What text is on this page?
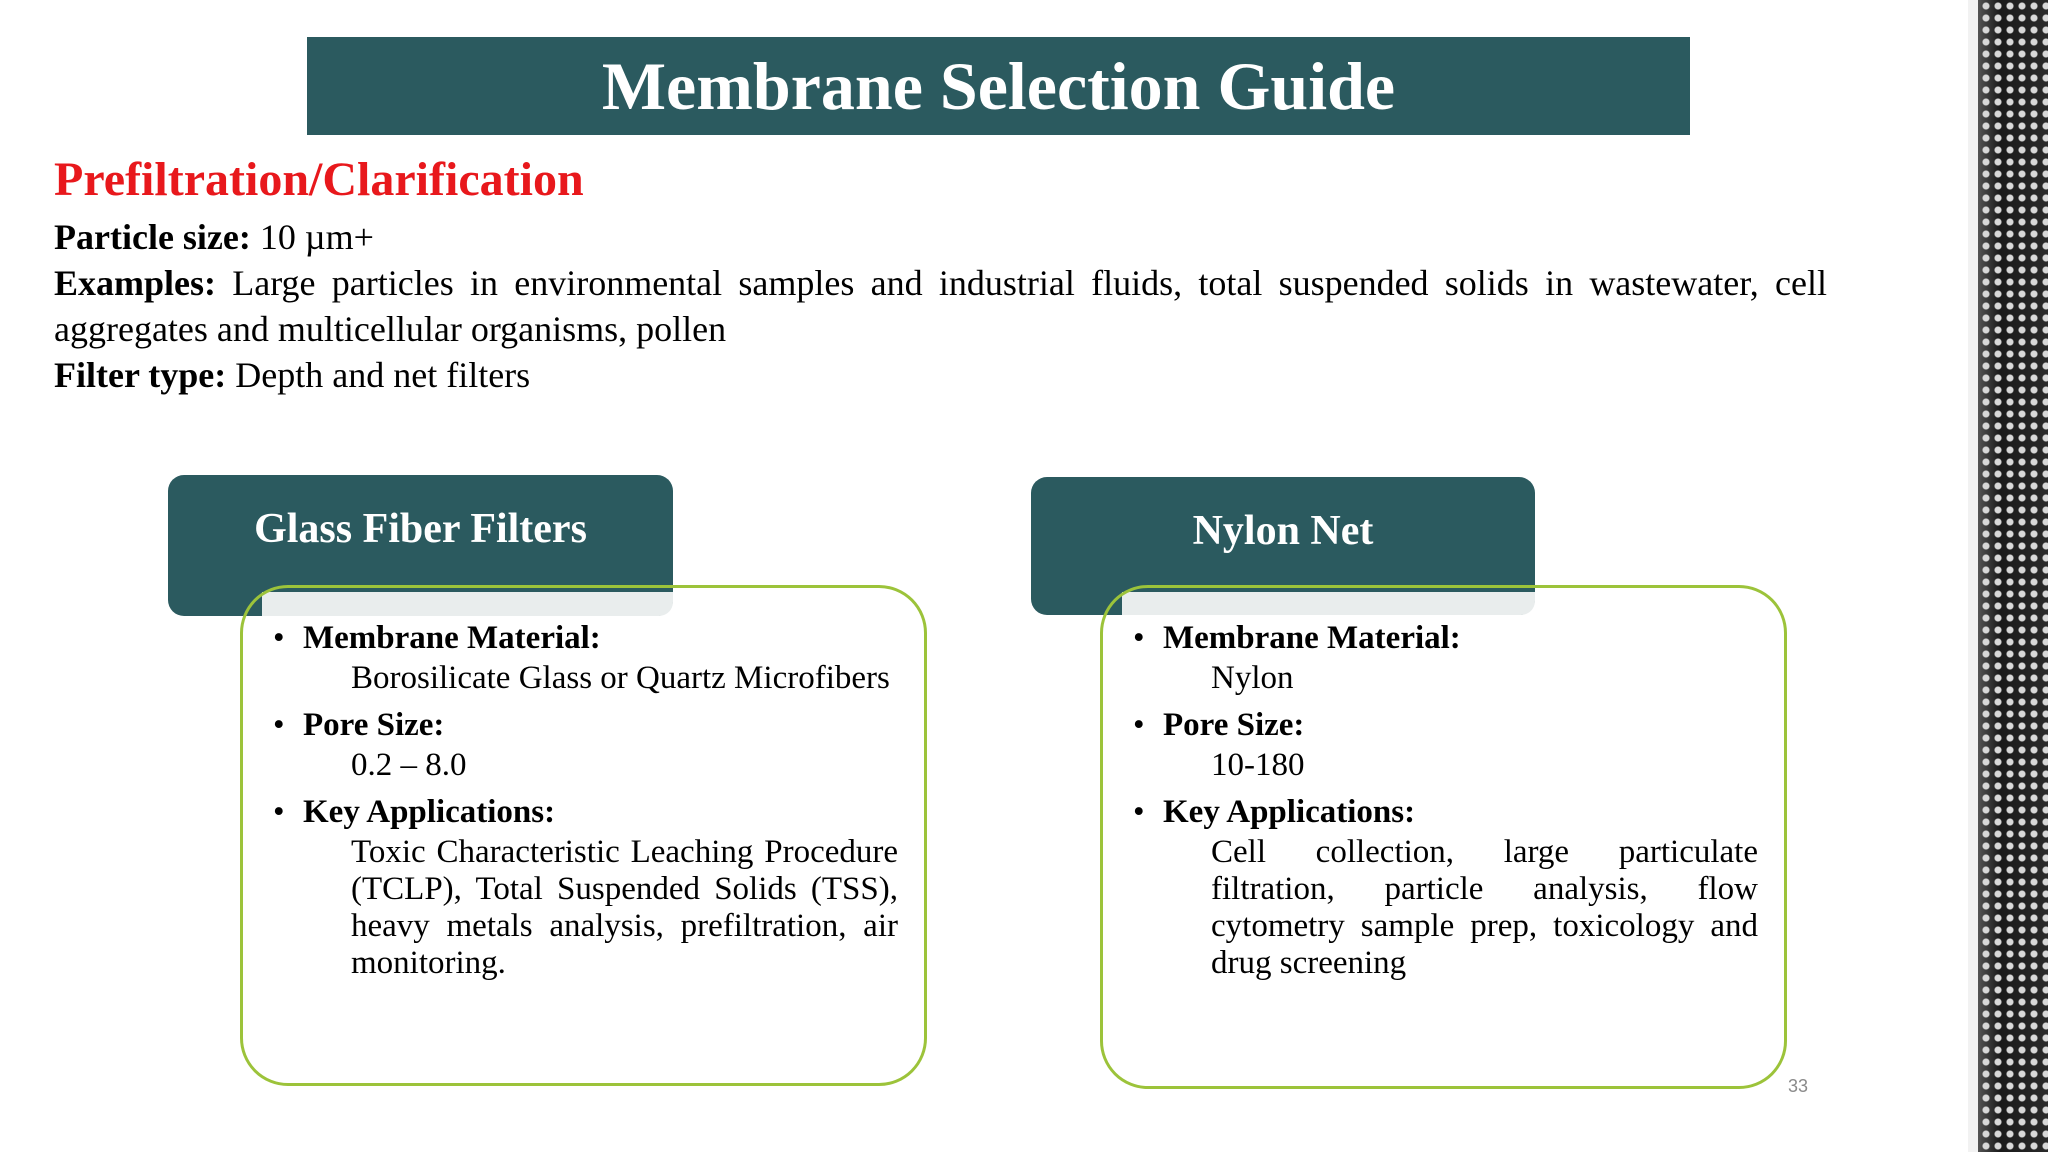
Membrane Selection Guide
Prefiltration/Clarification

Particle size: 10 µm+

Examples: Large particles in environmental samples and industrial fluids, total suspended solids in wastewater, cell aggregates and multicellular organisms, pollen

Filter type: Depth and net filters

Glass Fiber Filters
• Membrane Material:
Borosilicate Glass or Quartz Microfibers
• Pore Size:
0.2 – 8.0
• Key Applications:
Toxic Characteristic Leaching Procedure (TCLP), Total Suspended Solids (TSS), heavy metals analysis, prefiltration, air monitoring.
Nylon Net
• Membrane Material:
Nylon
• Pore Size:
10-180
• Key Applications:
Cell collection, large particulate filtration, particle analysis, flow cytometry sample prep, toxicology and drug screening
33
